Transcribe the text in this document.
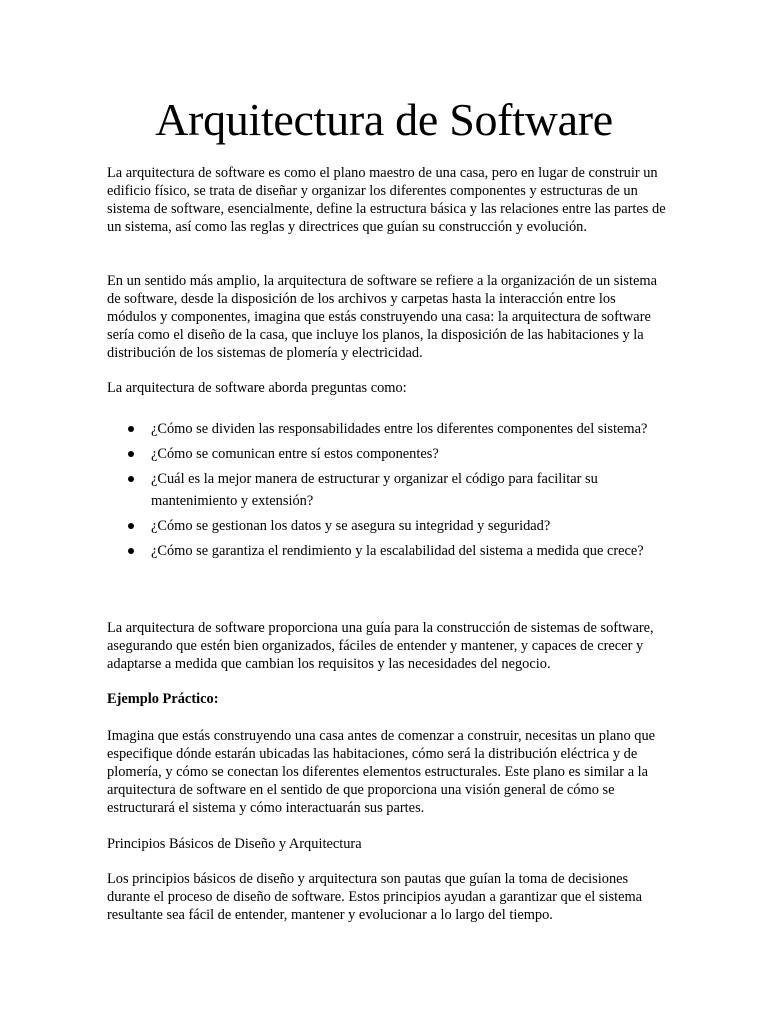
Arquitectura de Software

La arquitectura de software es como el plano maestro de una casa, pero en lugar de construir un edificio físico, se trata de diseñar y organizar los diferentes componentes y estructuras de un sistema de software, esencialmente, define la estructura básica y las relaciones entre las partes de un sistema, así como las reglas y directrices que guían su construcción y evolución.

En un sentido más amplio, la arquitectura de software se refiere a la organización de un sistema de software, desde la disposición de los archivos y carpetas hasta la interacción entre los módulos y componentes, imagina que estás construyendo una casa: la arquitectura de software sería como el diseño de la casa, que incluye los planos, la disposición de las habitaciones y la distribución de los sistemas de plomería y electricidad.

La arquitectura de software aborda preguntas como:

¿Cómo se dividen las responsabilidades entre los diferentes componentes del sistema?
¿Cómo se comunican entre sí estos componentes?
¿Cuál es la mejor manera de estructurar y organizar el código para facilitar su mantenimiento y extensión?
¿Cómo se gestionan los datos y se asegura su integridad y seguridad?
¿Cómo se garantiza el rendimiento y la escalabilidad del sistema a medida que crece?

La arquitectura de software proporciona una guía para la construcción de sistemas de software, asegurando que estén bien organizados, fáciles de entender y mantener, y capaces de crecer y adaptarse a medida que cambian los requisitos y las necesidades del negocio.

Ejemplo Práctico:

Imagina que estás construyendo una casa antes de comenzar a construir, necesitas un plano que especifique dónde estarán ubicadas las habitaciones, cómo será la distribución eléctrica y de plomería, y cómo se conectan los diferentes elementos estructurales. Este plano es similar a la arquitectura de software en el sentido de que proporciona una visión general de cómo se estructurará el sistema y cómo interactuarán sus partes.

Principios Básicos de Diseño y Arquitectura

Los principios básicos de diseño y arquitectura son pautas que guían la toma de decisiones durante el proceso de diseño de software. Estos principios ayudan a garantizar que el sistema resultante sea fácil de entender, mantener y evolucionar a lo largo del tiempo.
